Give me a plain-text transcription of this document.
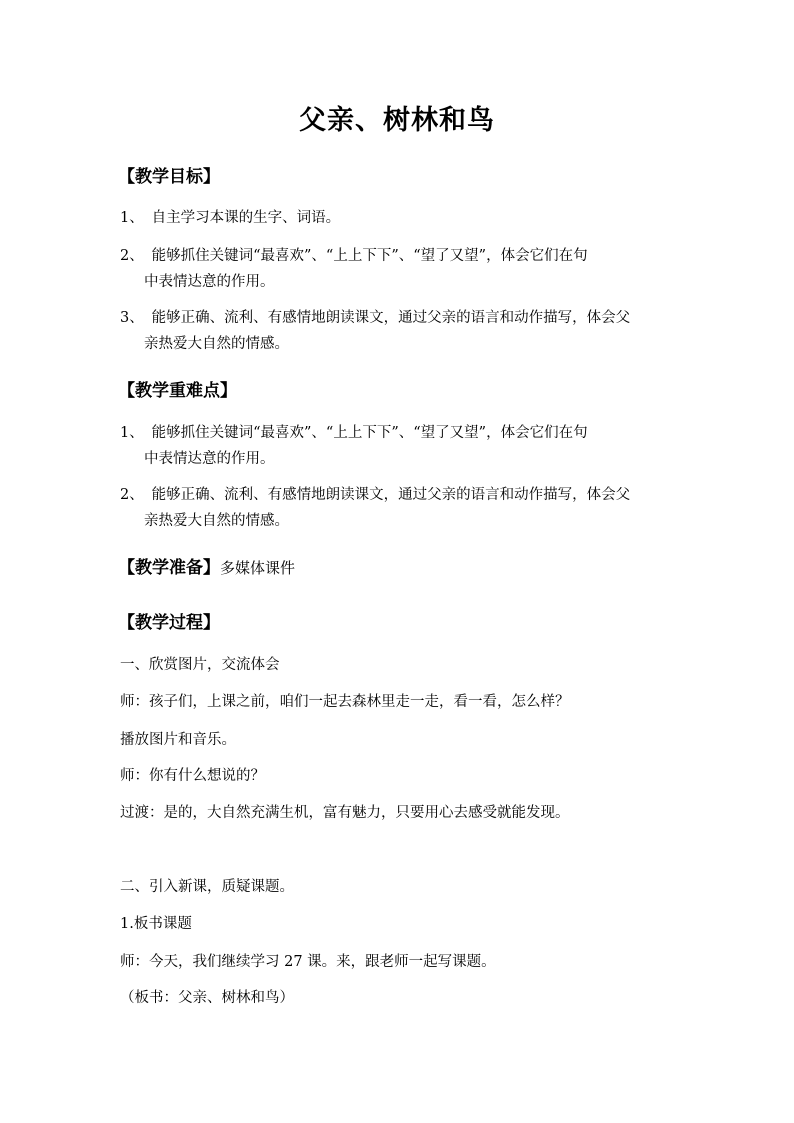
父亲、树林和鸟
【教学目标】
1、 自主学习本课的生字、词语。
2、 能够抓住关键词“最喜欢”、“上上下下”、“望了又望”，体会它们在句
中表情达意的作用。
3、 能够正确、流利、有感情地朗读课文，通过父亲的语言和动作描写，体会父
亲热爱大自然的情感。
【教学重难点】
1、 能够抓住关键词“最喜欢”、“上上下下”、“望了又望”，体会它们在句
中表情达意的作用。
2、 能够正确、流利、有感情地朗读课文，通过父亲的语言和动作描写，体会父
亲热爱大自然的情感。
【教学准备】多媒体课件
【教学过程】
一、欣赏图片，交流体会
师：孩子们，上课之前，咱们一起去森林里走一走，看一看，怎么样？
播放图片和音乐。
师：你有什么想说的？
过渡：是的，大自然充满生机，富有魅力，只要用心去感受就能发现。
二、引入新课，质疑课题。
1.板书课题
师：今天，我们继续学习 27 课。来，跟老师一起写课题。
（板书：父亲、树林和鸟）
